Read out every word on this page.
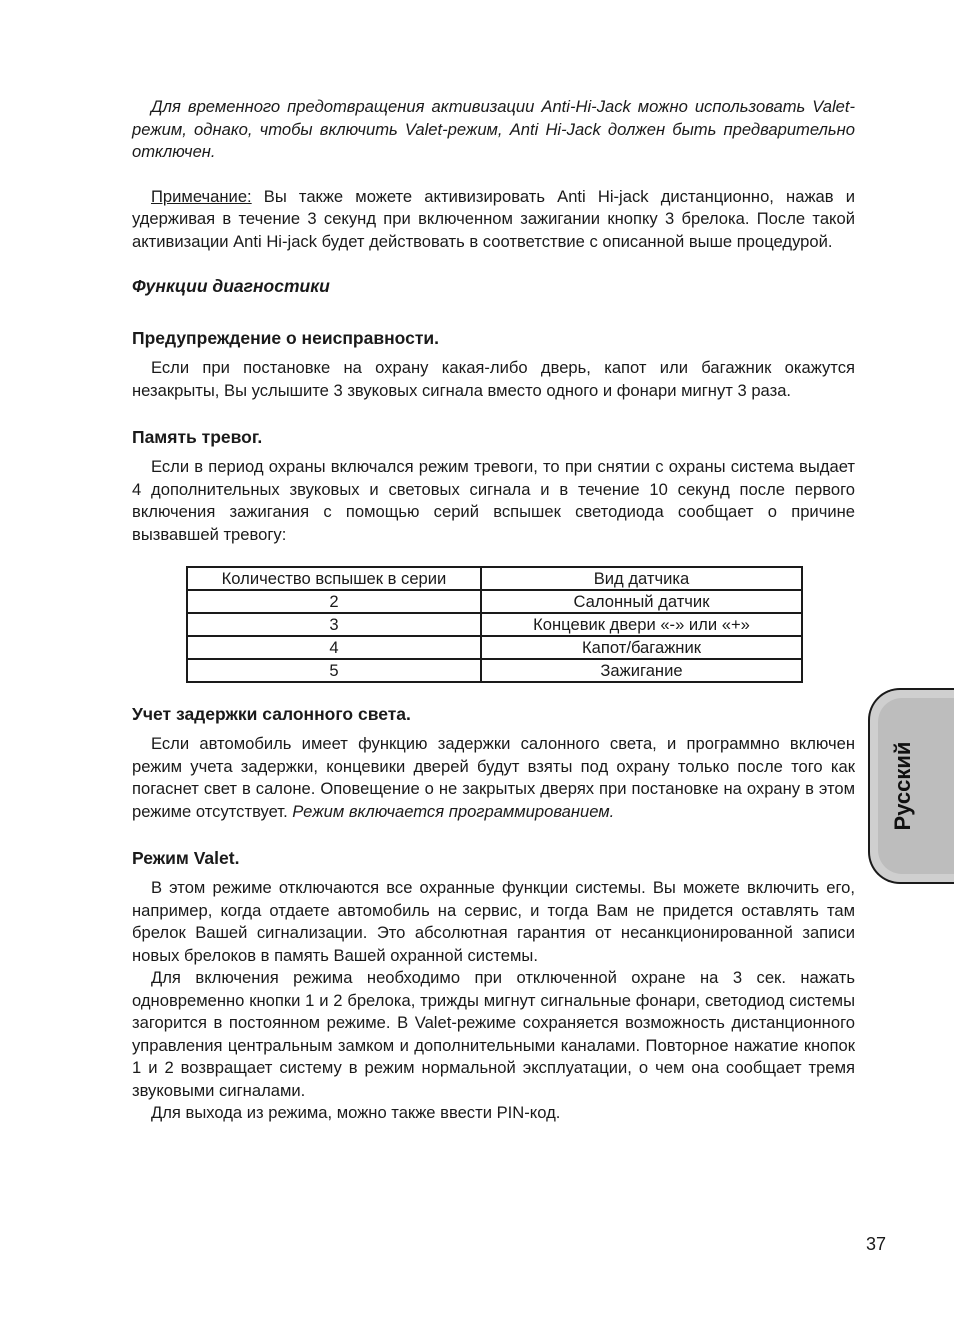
Для временного предотвращения активизации Anti-Hi-Jack можно использовать Valet-режим, однако, чтобы включить Valet-режим, Anti Hi-Jack должен быть предварительно отключен.

Примечание: Вы также можете активизировать Anti Hi-jack дистанционно, нажав и удерживая в течение 3 секунд при включенном зажигании кнопку 3 брелока. После такой активизации Anti Hi-jack будет действовать в соответствие с описанной выше процедурой.

Функции диагностики
Предупреждение о неисправности.

Если при постановке на охрану какая-либо дверь, капот или багажник окажутся незакрыты, Вы услышите 3 звуковых сигнала вместо одного и фонари мигнут 3 раза.

Память тревог.

Если в период охраны включался режим тревоги, то при снятии с охраны система выдает 4 дополнительных звуковых и световых сигнала и в течение 10 секунд после первого включения зажигания с помощью серий вспышек светодиода сообщает о причине вызвавшей тревогу:

Количество вспышек в серии	Вид датчика
2	Салонный датчик
3	Концевик двери «-» или «+»
4	Капот/багажник
5	Зажигание
Учет задержки салонного света.

Если автомобиль имеет функцию задержки салонного света, и программно включен режим учета задержки, концевики дверей будут взяты под охрану только после того как погаснет свет в салоне. Оповещение о не закрытых дверях при постановке на охрану в этом режиме отсутствует. Режим включается программированием.

Режим Valet.

В этом режиме отключаются все охранные функции системы. Вы можете включить его, например, когда отдаете автомобиль на сервис, и тогда Вам не придется оставлять там брелок Вашей сигнализации. Это абсолютная гарантия от несанкционированной записи новых брелоков в память Вашей охранной системы.

Для включения режима необходимо при отключенной охране на 3 сек. нажать одновременно кнопки 1 и 2 брелока, трижды мигнут сигнальные фонари, светодиод системы загорится в постоянном режиме. В Valet-режиме сохраняется возможность дистанционного управления центральным замком и дополнительными каналами. Повторное нажатие кнопок 1 и 2 возвращает систему в режим нормальной эксплуатации, о чем она сообщает тремя звуковыми сигналами.

Для выхода из режима, можно также ввести PIN-код.

Русский
37
